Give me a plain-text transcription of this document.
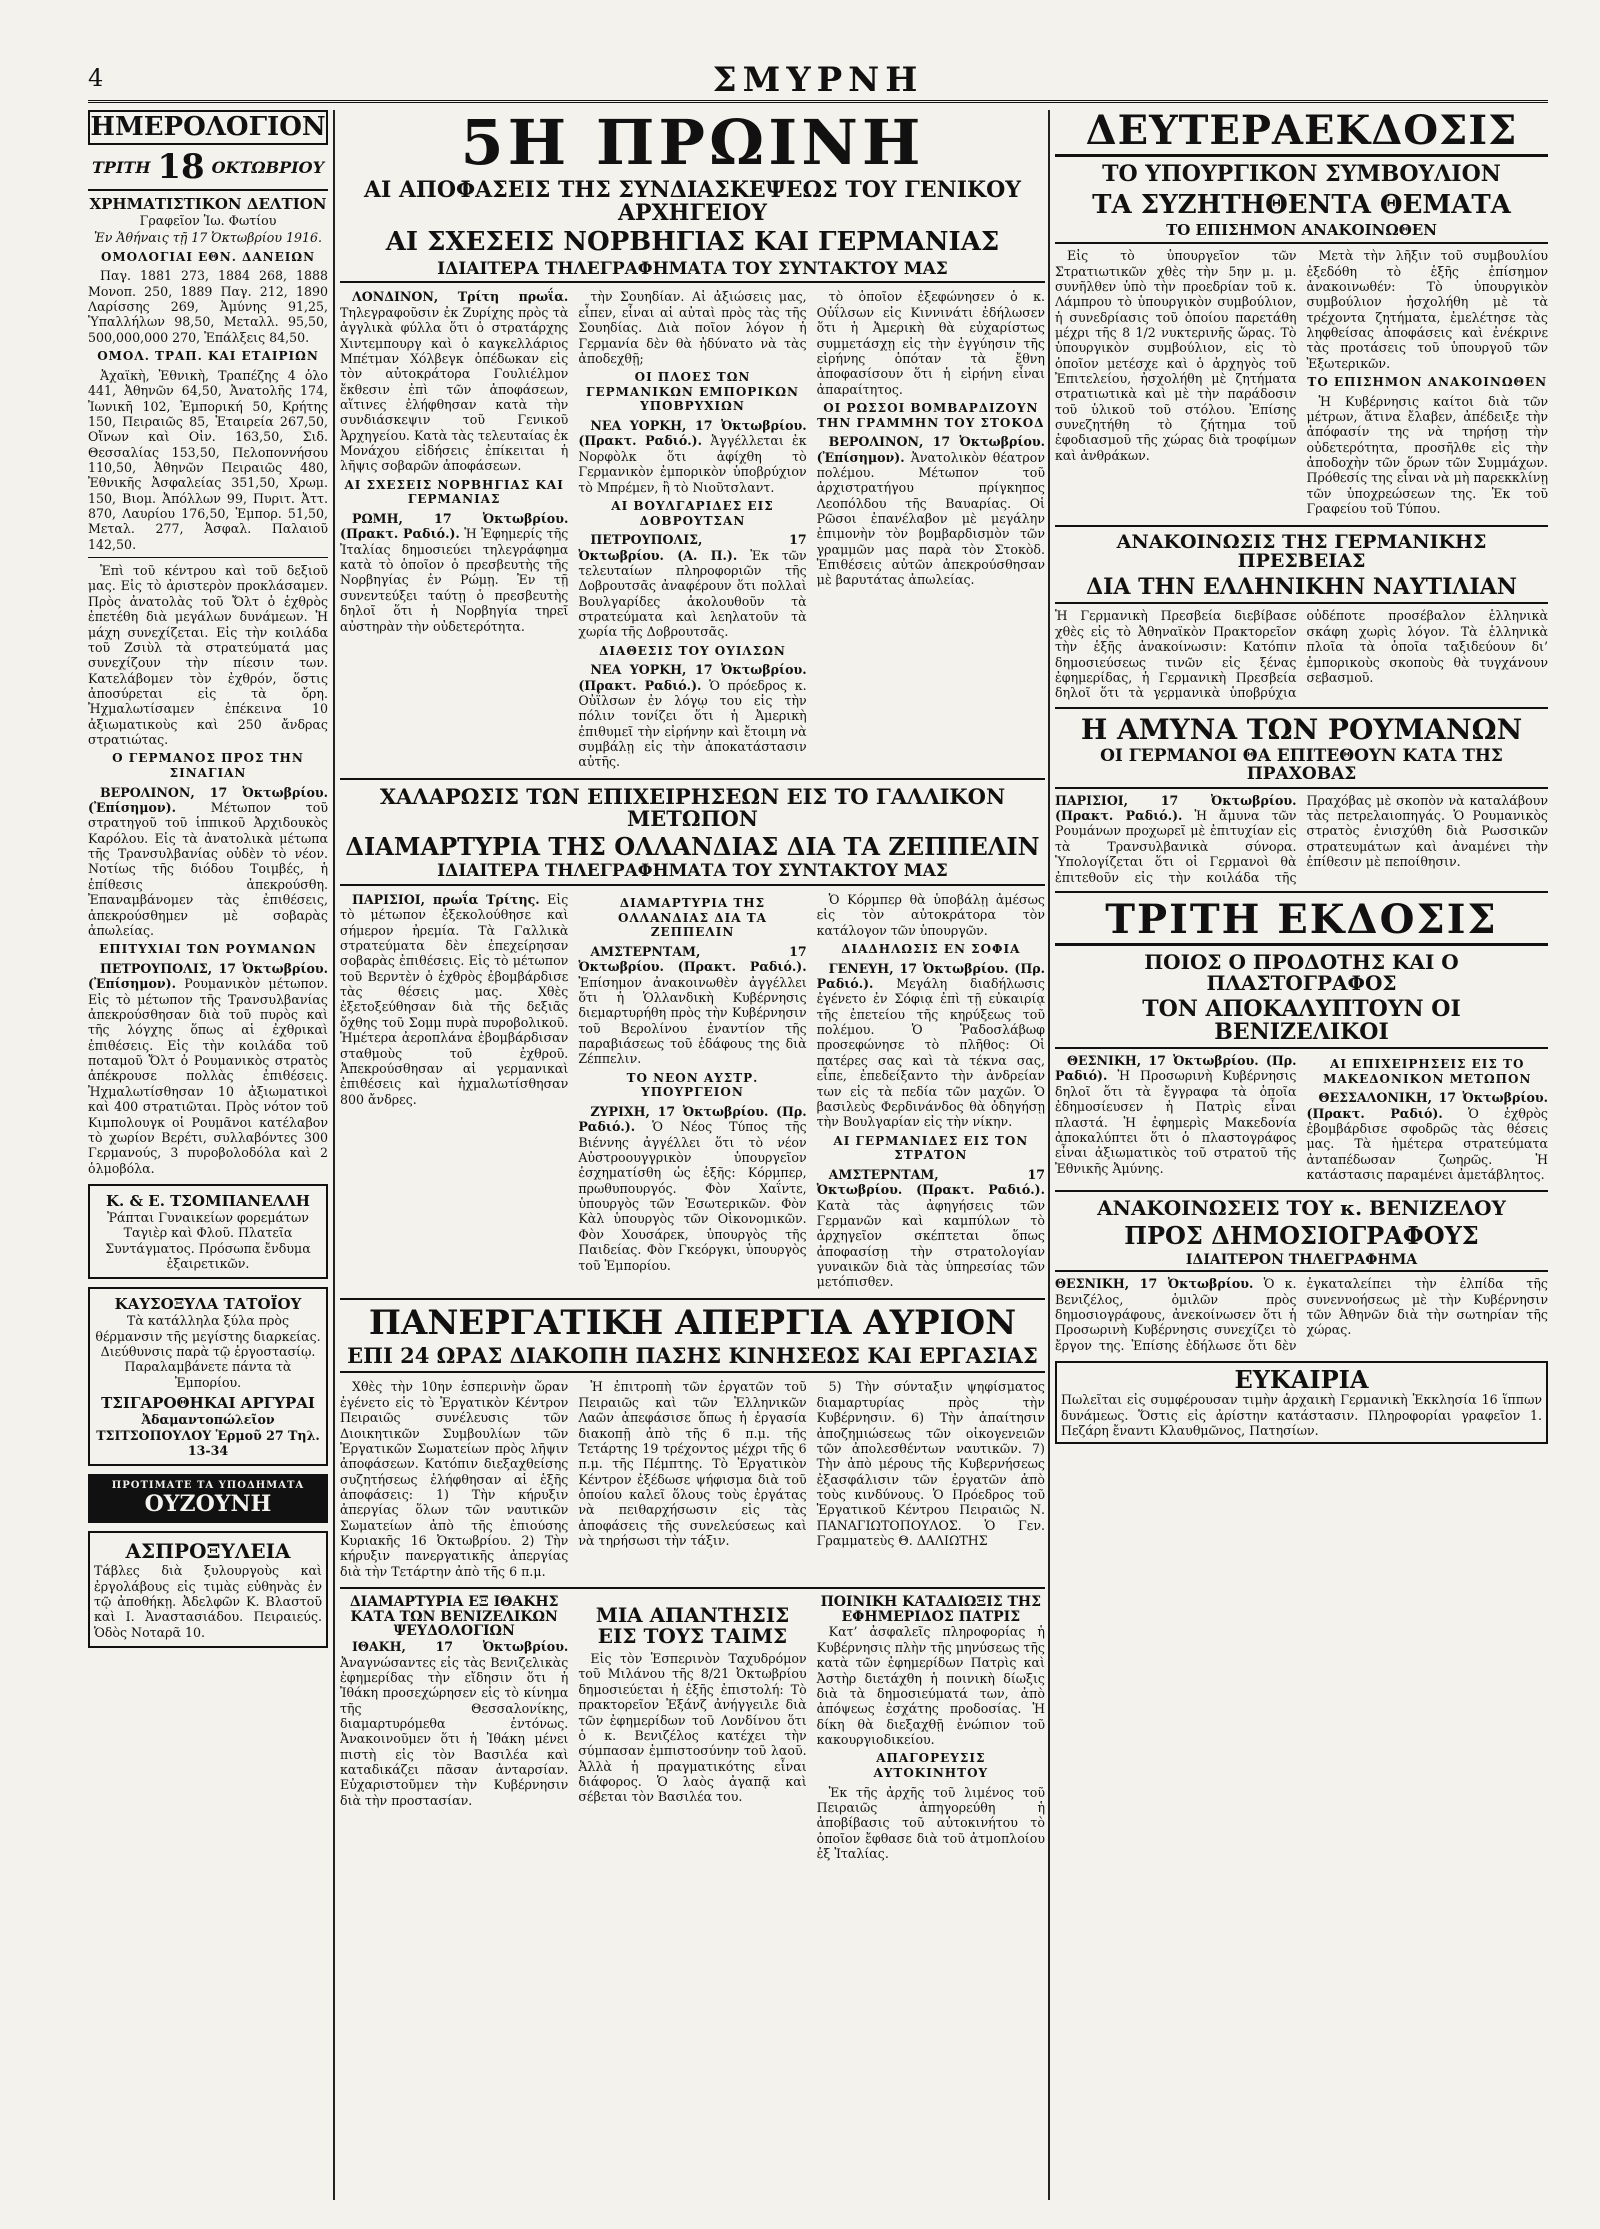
4	ΣΜΥΡΝΗ
ΗΜΕΡΟΛΟΓΙΟΝ
ΤΡΙΤΗ 18 ΟΚΤΩΒΡΙΟΥ
ΧΡΗΜΑΤΙΣΤΙΚΟΝ ΔΕΛΤΙΟΝ

Γραφεῖον Ἰω. Φωτίου

Ἐν Ἀθήναις τῇ 17 Ὀκτωβρίου 1916.

ΟΜΟΛΟΓΙΑΙ ΕΘΝ. ΔΑΝΕΙΩΝ

Παγ. 1881 273, 1884 268, 1888 Μονοπ. 250, 1889 Παγ. 212, 1890 Λαρίσσης 269, Ἀμύνης 91,25, Ὑπαλλήλων 98,50, Μεταλλ. 95,50, 500,000,000 270, Ἐπάλξεις 84,50.

ΟΜΟΛ. ΤΡΑΠ. ΚΑΙ ΕΤΑΙΡΙΩΝ

Ἀχαϊκὴ, Ἐθνικὴ, Τραπέζης 4 ὁλο 441, Ἀθηνῶν 64,50, Ἀνατολῆς 174, Ἰωνικῆ 102, Ἐμπορική 50, Κρήτης 150, Πειραιῶς 85, Ἑταιρεία 267,50, Οἴνων καὶ Οἰν. 163,50, Σιδ. Θεσσαλίας 153,50, Πελοποννήσου 110,50, Ἀθηνῶν Πειραιῶς 480, Ἐθνικῆς Ἀσφαλείας 351,50, Χρωμ. 150, Βιομ. Ἀπόλλων 99, Πυριτ. Ἀττ. 870, Λαυρίου 176,50, Ἐμπορ. 51,50, Μεταλ. 277, Ἀσφαλ. Παλαιοῦ 142,50.

Ἐπὶ τοῦ κέντρου καὶ τοῦ δεξιοῦ μας. Εἰς τὸ ἀριστερὸν προκλάσαμεν. Πρὸς ἀνατολὰς τοῦ Ὄλτ ὁ ἐχθρὸς ἐπετέθη διὰ μεγάλων δυνάμεων. Ἡ μάχη συνεχίζεται. Εἰς τὴν κοιλάδα τοῦ Ζσιὺλ τὰ στρατεύματά μας συνεχίζουν τὴν πίεσιν των. Κατελάβομεν τὸν ἐχθρόν, ὅστις ἀποσύρεται εἰς τὰ ὄρη. Ἠχμαλωτίσαμεν ἐπέκεινα 10 ἀξιωματικοὺς καὶ 250 ἄνδρας στρατιώτας.

Ο ΓΕΡΜΑΝΟΣ ΠΡΟΣ ΤΗΝ ΣΙΝΑΓΙΑΝ

ΒΕΡΟΛΙΝΟΝ, 17 Ὀκτωβρίου. (Ἐπίσημον).	Μέτωπον τοῦ στρατηγοῦ τοῦ ἱππικοῦ Ἀρχιδουκὸς Καρόλου. Εἰς τὰ ἀνατολικὰ μέτωπα τῆς Τρανσυλβανίας οὐδὲν τὸ νέον. Νοτίως τῆς διόδου Τοιμβές, ἡ ἐπίθεσις ἀπεκρούσθη. Ἐπαναμβάνομεν τὰς ἐπιθέσεις, ἀπεκρούσθημεν μὲ σοβαρὰς ἀπωλείας.

ΕΠΙΤΥΧΙΑΙ ΤΩΝ ΡΟΥΜΑΝΩΝ

ΠΕΤΡΟΥΠΟΛΙΣ, 17 Ὀκτωβρίου. (Ἐπίσημον). Ρουμανικὸν μέτωπον. Εἰς τὸ μέτωπον τῆς Τρανσυλβανίας ἀπεκρούσθησαν διὰ τοῦ πυρὸς καὶ τῆς λόγχης ὅπως αἱ ἐχθρικαὶ ἐπιθέσεις. Εἰς τὴν κοιλάδα τοῦ ποταμοῦ Ὄλτ ὁ Ρουμανικὸς στρατὸς ἀπέκρουσε πολλὰς ἐπιθέσεις. Ἠχμαλωτίσθησαν 10 ἀξιωματικοὶ καὶ 400 στρατιῶται. Πρὸς νότον τοῦ Κιμπολουγκ οἱ Ρουμᾶνοι κατέλαβον τὸ χωρίον Βερέτι, συλλαβόντες 300 Γερμανούς, 3 πυροβολοδόλα καὶ 2 ὁλμοβόλα.

Κ. & Ε. ΤΣΟΜΠΑΝΕΛΛΗ
Ῥάπται Γυναικείων φορεμάτων Ταγιὲρ καὶ Φλοῦ. Πλατεῖα Συντάγματος. Πρόσωπα ἔνδυμα ἐξαιρετικῶν.
ΚΑΥΣΟΞΥΛΑ ΤΑΤΟΪΟΥ
Τὰ κατάλληλα ξύλα πρὸς θέρμανσιν τῆς μεγίστης διαρκείας. Διεύθυνσις παρὰ τῷ ἐργοστασίῳ. Παραλαμβάνετε πάντα τὰ Ἐμπορίου.
ΤΣΙΓΑΡΟΘΗΚΑΙ ΑΡΓΥΡΑΙ
Ἀδαμαντοπώλεῖον ΤΣΙΤΣΟΠΟΥΛΟΥ Ἑρμοῦ 27 Τηλ. 13-34
ΠΡΟΤΙΜΑΤΕ ΤΑ ΥΠΟΔΗΜΑΤΑ
ΟΥΖΟΥΝΗ
ΑΣΠΡΟΞΥΛΕΙΑ
Τάβλες διὰ ξυλουργοὺς καὶ ἐργολάβους εἰς τιμὰς εὐθηνὰς ἐν τῷ ἀποθήκῃ. Ἀδελφῶν Κ. Βλαστοῦ καὶ Ι. Ἀναστασιάδου. Πειραιεύς. Ὁδὸς Νοταρᾶ 10.
5Η ΠΡΩΙΝΗ
ΑΙ ΑΠΟΦΑΣΕΙΣ ΤΗΣ ΣΥΝΔΙΑΣΚΕΨΕΩΣ ΤΟΥ ΓΕΝΙΚΟΥ ΑΡΧΗΓΕΙΟΥ
ΑΙ ΣΧΕΣΕΙΣ ΝΟΡΒΗΓΙΑΣ ΚΑΙ ΓΕΡΜΑΝΙΑΣ
ΙΔΙΑΙΤΕΡΑ ΤΗΛΕΓΡΑΦΗΜΑΤΑ ΤΟΥ ΣΥΝΤΑΚΤΟΥ ΜΑΣ

ΛΟΝΔΙΝΟΝ, Τρίτη πρωΐα. Τηλεγραφοῦσιν ἐκ Ζυρίχης πρὸς τὰ ἀγγλικὰ φύλλα ὅτι ὁ στρατάρχης Χιντεμπουργ καὶ ὁ καγκελλάριος Μπέτμαν Χόλβεγκ ὁπέδωκαν εἰς τὸν αὐτοκράτορα Γουλιέλμον ἔκθεσιν ἐπὶ τῶν ἀποφάσεων, αἵτινες ἐλήφθησαν κατὰ τὴν συνδιάσκεψιν τοῦ Γενικοῦ Ἀρχηγείου. Κατὰ τὰς τελευταίας ἐκ Μονάχου εἰδήσεις ἐπίκειται ἡ λῆψις σοβαρῶν ἀποφάσεων.

ΑΙ ΣΧΕΣΕΙΣ ΝΟΡΒΗΓΙΑΣ ΚΑΙ ΓΕΡΜΑΝΙΑΣ

ΡΩΜΗ, 17 Ὀκτωβρίου. (Πρακτ. Ραδιό.). Ἡ Ἐφημερίς τῆς Ἰταλίας δημοσιεύει τηλεγράφημα κατὰ τὸ ὁποῖον ὁ πρεσβευτὴς τῆς Νορβηγίας ἐν Ρώμῃ. Ἐν τῇ συνεντεύξει ταύτῃ ὁ πρεσβευτὴς δηλοῖ ὅτι ἡ Νορβηγία τηρεῖ αὐστηρὰν τὴν οὐδετερότητα.

τὴν Σουηδίαν. Αἱ ἀξιώσεις μας, εἶπεν, εἶναι αἱ αὐταὶ πρὸς τὰς τῆς Σουηδίας. Διὰ ποῖον λόγον ἡ Γερμανία δὲν θὰ ἠδύνατο νὰ τὰς ἀποδεχθῇ;

ΟΙ ΠΛΟΕΣ ΤΩΝ ΓΕΡΜΑΝΙΚΩΝ ΕΜΠΟΡΙΚΩΝ ΥΠΟΒΡΥΧΙΩΝ

ΝΕΑ ΥΟΡΚΗ, 17 Ὀκτωβρίου. (Πρακτ. Ραδιό.). Ἀγγέλλεται ἐκ Νορφὸλκ ὅτι ἀφίχθη τὸ Γερμανικὸν ἐμπορικὸν ὑποβρύχιον τὸ Μπρέμεν, ἢ τὸ Νιοῦτσλαντ.

ΑΙ ΒΟΥΛΓΑΡΙΔΕΣ ΕΙΣ ΔΟΒΡΟΥΤΣΑΝ

ΠΕΤΡΟΥΠΟΛΙΣ, 17 Ὀκτωβρίου. (Α. Π.). Ἐκ τῶν τελευταίων πληροφοριῶν τῆς Δοβρουτσᾶς ἀναφέρουν ὅτι πολλαὶ Βουλγαρίδες ἀκολουθοῦν τὰ στρατεύματα καὶ λεηλατοῦν τὰ χωρία τῆς Δοβρουτσᾶς.

ΔΙΑΘΕΣΙΣ ΤΟΥ ΟΥΙΛΣΩΝ

ΝΕΑ ΥΟΡΚΗ, 17 Ὀκτωβρίου. (Πρακτ. Ραδιό.). Ὁ πρόεδρος κ. Οὐΐλσων ἐν λόγῳ του εἰς τὴν πόλιν τονίζει ὅτι ἡ Ἀμερικὴ ἐπιθυμεῖ τὴν εἰρήνην καὶ ἔτοιμη νὰ συμβάλῃ εἰς τὴν ἀποκατάστασιν αὐτῆς.

τὸ ὁποῖον ἐξεφώνησεν ὁ κ. Οὐΐλσων εἰς Κιννινάτι ἐδήλωσεν ὅτι ἡ Ἀμερικὴ θὰ εὐχαρίστως συμμετάσχῃ εἰς τὴν ἐγγύησιν τῆς εἰρήνης ὁπόταν τὰ ἔθνη ἀποφασίσουν ὅτι ἡ εἰρήνη εἶναι ἀπαραίτητος.

ΟΙ ΡΩΣΣΟΙ ΒΟΜΒΑΡΔΙΖΟΥΝ ΤΗΝ ΓΡΑΜΜΗΝ ΤΟΥ ΣΤΟΚΟΔ

ΒΕΡΟΛΙΝΟΝ, 17 Ὀκτωβρίου. (Ἐπίσημον). Ἀνατολικὸν θέατρον πολέμου. Μέτωπον τοῦ ἀρχιστρατήγου πρίγκηπος Λεοπόλδου τῆς Βαυαρίας. Οἱ Ρῶσοι ἐπανέλαβον μὲ μεγάλην ἐπιμονὴν τὸν βομβαρδισμὸν τῶν γραμμῶν μας παρὰ τὸν Στοκὸδ. Ἐπιθέσεις αὐτῶν ἀπεκρούσθησαν μὲ βαρυτάτας ἀπωλείας.

ΧΑΛΑΡΩΣΙΣ ΤΩΝ ΕΠΙΧΕΙΡΗΣΕΩΝ ΕΙΣ ΤΟ ΓΑΛΛΙΚΟΝ ΜΕΤΩΠΟΝ
ΔΙΑΜΑΡΤΥΡΙΑ ΤΗΣ ΟΛΛΑΝΔΙΑΣ ΔΙΑ ΤΑ ΖΕΠΠΕΛΙΝ
ΙΔΙΑΙΤΕΡΑ ΤΗΛΕΓΡΑΦΗΜΑΤΑ ΤΟΥ ΣΥΝΤΑΚΤΟΥ ΜΑΣ

ΠΑΡΙΣΙΟΙ, πρωΐα Τρίτης. Εἰς τὸ μέτωπον ἐξεκολούθησε καὶ σήμερον ἠρεμία. Τὰ Γαλλικὰ στρατεύματα δὲν ἐπεχείρησαν σοβαρὰς ἐπιθέσεις. Εἰς τὸ μέτωπον τοῦ Βερντὲν ὁ ἐχθρὸς ἐβομβάρδισε τὰς θέσεις μας. Χθὲς ἐξετοξεύθησαν διὰ τῆς δεξιᾶς ὄχθης τοῦ Σομμ πυρὰ πυροβολικοῦ. Ἡμέτερα ἀεροπλάνα ἐβομβάρδισαν σταθμοὺς τοῦ ἐχθροῦ. Ἀπεκρούσθησαν αἱ γερμανικαὶ ἐπιθέσεις καὶ ἠχμαλωτίσθησαν 800 ἄνδρες.

ΔΙΑΜΑΡΤΥΡΙΑ ΤΗΣ ΟΛΛΑΝΔΙΑΣ ΔΙΑ ΤΑ ΖΕΠΠΕΛΙΝ

ΑΜΣΤΕΡΝΤΑΜ, 17 Ὀκτωβρίου. (Πρακτ. Ραδιό.). Ἐπίσημον ἀνακοινωθὲν ἀγγέλλει ὅτι ἡ Ὁλλανδικὴ Κυβέρνησις διεμαρτυρήθη πρὸς τὴν Κυβέρνησιν τοῦ Βερολίνου ἐναντίον τῆς παραβιάσεως τοῦ ἐδάφους της διὰ Ζέππελιν.

ΤΟ ΝΕΟΝ ΑΥΣΤΡ. ΥΠΟΥΡΓΕΙΟΝ

ΖΥΡΙΧΗ, 17 Ὀκτωβρίου. (Πρ. Ραδιό.). Ὁ Νέος Τύπος τῆς Βιέννης ἀγγέλλει ὅτι τὸ νέον Αὐστροουγγρικὸν ὑπουργεῖον ἐσχηματίσθη ὡς ἑξῆς: Κόρμπερ, πρωθυπουργός. Φὸν Χαΐντε, ὑπουργὸς τῶν Ἐσωτερικῶν. Φὸν Κὰλ ὑπουργὸς τῶν Οἰκονομικῶν. Φὸν Χουσάρεκ, ὑπουργὸς τῆς Παιδείας. Φὸν Γκεόργκι, ὑπουργὸς τοῦ Ἐμπορίου.

Ὁ Κόρμπερ θὰ ὑποβάλῃ ἀμέσως εἰς τὸν αὐτοκράτορα τὸν κατάλογον τῶν ὑπουργῶν.

ΔΙΑΔΗΛΩΣΙΣ ΕΝ ΣΟΦΙΑ

ΓΕΝΕΥΗ, 17 Ὀκτωβρίου. (Πρ. Ραδιό.). Μεγάλη διαδήλωσις ἐγένετο ἐν Σόφιᾳ ἐπὶ τῇ εὐκαιρίᾳ τῆς ἐπετείου τῆς κηρύξεως τοῦ πολέμου. Ὁ Ῥαδοσλάβωφ προσεφώνησε τὸ πλῆθος: Οἱ πατέρες σας καὶ τὰ τέκνα σας, εἶπε, ἐπεδείξαντο τὴν ἀνδρείαν των εἰς τὰ πεδία τῶν μαχῶν. Ὁ βασιλεὺς Φερδινάνδος θὰ ὁδηγήσῃ τὴν Βουλγαρίαν εἰς τὴν νίκην.

ΑΙ ΓΕΡΜΑΝΙΔΕΣ ΕΙΣ ΤΟΝ ΣΤΡΑΤΟΝ

ΑΜΣΤΕΡΝΤΑΜ, 17 Ὀκτωβρίου. (Πρακτ. Ραδιό.). Κατὰ τὰς ἀφηγήσεις τῶν Γερμανῶν καὶ καμπύλων τὸ ἀρχηγεῖον σκέπτεται ὅπως ἀποφασίσῃ τὴν στρατολογίαν γυναικῶν διὰ τὰς ὑπηρεσίας τῶν μετόπισθεν.

ΠΑΝΕΡΓΑΤΙΚΗ ΑΠΕΡΓΙΑ ΑΥΡΙΟΝ
ΕΠΙ 24 ΩΡΑΣ ΔΙΑΚΟΠΗ ΠΑΣΗΣ ΚΙΝΗΣΕΩΣ ΚΑΙ ΕΡΓΑΣΙΑΣ

Χθὲς τὴν 10ην ἑσπερινὴν ὥραν ἐγένετο εἰς τὸ Ἐργατικὸν Κέντρον Πειραιῶς συνέλευσις τῶν Διοικητικῶν Συμβουλίων τῶν Ἐργατικῶν Σωματείων πρὸς λῆψιν ἀποφάσεων. Κατόπιν διεξαχθείσης συζητήσεως ἐλήφθησαν αἱ ἑξῆς ἀποφάσεις: 1) Τὴν κήρυξιν ἀπεργίας ὅλων τῶν ναυτικῶν Σωματείων ἀπὸ τῆς ἐπιούσης Κυριακῆς 16 Ὀκτωβρίου. 2) Τὴν κήρυξιν πανεργατικῆς ἀπεργίας διὰ τὴν Τετάρτην ἀπὸ τῆς 6 π.μ.

Ἡ ἐπιτροπὴ τῶν ἐργατῶν τοῦ Πειραιῶς καὶ τῶν Ἑλληνικῶν Λαῶν ἀπεφάσισε ὅπως ἡ ἐργασία διακοπῇ ἀπὸ τῆς 6 π.μ. τῆς Τετάρτης 19 τρέχοντος μέχρι τῆς 6 π.μ. τῆς Πέμπτης. Τὸ Ἐργατικὸν Κέντρον ἐξέδωσε ψήφισμα διὰ τοῦ ὁποίου καλεῖ ὅλους τοὺς ἐργάτας νὰ πειθαρχήσωσιν εἰς τὰς ἀποφάσεις τῆς συνελεύσεως καὶ νὰ τηρήσωσι τὴν τάξιν.

5) Τὴν σύνταξιν ψηφίσματος διαμαρτυρίας πρὸς τὴν Κυβέρνησιν. 6) Τὴν ἀπαίτησιν ἀποζημιώσεως τῶν οἰκογενειῶν τῶν ἀπολεσθέντων ναυτικῶν. 7) Τὴν ἀπὸ μέρους τῆς Κυβερνήσεως ἐξασφάλισιν τῶν ἐργατῶν ἀπὸ τοὺς κινδύνους. Ὁ Πρόεδρος τοῦ Ἐργατικοῦ Κέντρου Πειραιῶς Ν. ΠΑΝΑΓΙΩΤΟΠΟΥΛΟΣ. Ὁ Γεν. Γραμματεὺς Θ. ΔΑΛΙΩΤΗΣ

ΔΙΑΜΑΡΤΥΡΙΑ ΕΞ ΙΘΑΚΗΣ ΚΑΤΑ ΤΩΝ ΒΕΝΙΖΕΛΙΚΩΝ ΨΕΥΔΟΛΟΓΙΩΝ

ΙΘΑΚΗ, 17 Ὀκτωβρίου. Ἀναγνώσαντες εἰς τὰς Βενιζελικὰς ἐφημερίδας τὴν εἴδησιν ὅτι ἡ Ἰθάκη προσεχώρησεν εἰς τὸ κίνημα τῆς Θεσσαλονίκης, διαμαρτυρόμεθα ἐντόνως. Ἀνακοινοῦμεν ὅτι ἡ Ἰθάκη μένει πιστὴ εἰς τὸν Βασιλέα καὶ καταδικάζει πᾶσαν ἀνταρσίαν. Εὐχαριστοῦμεν τὴν Κυβέρνησιν διὰ τὴν προστασίαν.

ΜΙΑ ΑΠΑΝΤΗΣΙΣ ΕΙΣ ΤΟΥΣ ΤΑΙΜΣ

Εἰς τὸν Ἑσπερινὸν Ταχυδρόμον τοῦ Μιλάνου τῆς 8/21 Ὀκτωβρίου δημοσιεύεται ἡ ἑξῆς ἐπιστολή: Τὸ πρακτορεῖον Ἐξάνζ ἀνήγγειλε διὰ τῶν ἐφημερίδων τοῦ Λονδίνου ὅτι ὁ κ. Βενιζέλος κατέχει τὴν σύμπασαν ἐμπιστοσύνην τοῦ λαοῦ. Ἀλλὰ ἡ πραγματικότης εἶναι διάφορος. Ὁ λαὸς ἀγαπᾷ καὶ σέβεται τὸν Βασιλέα του.

ΠΟΙΝΙΚΗ ΚΑΤΑΔΙΩΞΙΣ ΤΗΣ ΕΦΗΜΕΡΙΔΟΣ ΠΑΤΡΙΣ

Κατ’ ἀσφαλεῖς πληροφορίας ἡ Κυβέρνησις πλὴν τῆς μηνύσεως τῆς κατὰ τῶν ἐφημερίδων Πατρὶς καὶ Ἀστὴρ διετάχθη ἡ ποινικὴ δίωξις διὰ τὰ δημοσιεύματά των, ἀπὸ ἀπόψεως ἐσχάτης προδοσίας. Ἡ δίκη θὰ διεξαχθῇ ἐνώπιον τοῦ κακουργιοδικείου.

ΑΠΑΓΟΡΕΥΣΙΣ ΑΥΤΟΚΙΝΗΤΟΥ

Ἐκ τῆς ἀρχῆς τοῦ λιμένος τοῦ Πειραιῶς ἀπηγορεύθη ἡ ἀποβίβασις τοῦ αὐτοκινήτου τὸ ὁποῖον ἔφθασε διὰ τοῦ ἀτμοπλοίου ἐξ Ἰταλίας.

ΔΕΥΤΕΡΑΕΚΔΟΣΙΣ
ΤΟ ΥΠΟΥΡΓΙΚΟΝ ΣΥΜΒΟΥΛΙΟΝ
ΤΑ ΣΥΖΗΤΗΘΕΝΤΑ ΘΕΜΑΤΑ
ΤΟ ΕΠΙΣΗΜΟΝ ΑΝΑΚΟΙΝΩΘΕΝ

Εἰς τὸ ὑπουργεῖον τῶν Στρατιωτικῶν χθὲς τὴν 5ην μ. μ. συνῆλθεν ὑπὸ τὴν προεδρίαν τοῦ κ. Λάμπρου τὸ ὑπουργικὸν συμβούλιον, ἡ συνεδρίασις τοῦ ὁποίου παρετάθη μέχρι τῆς 8 1/2 νυκτερινῆς ὥρας. Τὸ ὑπουργικὸν συμβούλιον, εἰς τὸ ὁποῖον μετέσχε καὶ ὁ ἀρχηγὸς τοῦ Ἐπιτελείου, ἠσχολήθη μὲ ζητήματα στρατιωτικὰ καὶ μὲ τὴν παράδοσιν τοῦ ὑλικοῦ τοῦ στόλου. Ἐπίσης συνεζητήθη τὸ ζήτημα τοῦ ἐφοδιασμοῦ τῆς χώρας διὰ τροφίμων καὶ ἀνθράκων.

Μετὰ τὴν λῆξιν τοῦ συμβουλίου ἐξεδόθη τὸ ἑξῆς ἐπίσημον ἀνακοινωθέν: Τὸ ὑπουργικὸν συμβούλιον ἠσχολήθη μὲ τὰ τρέχοντα ζητήματα, ἐμελέτησε τὰς ληφθείσας ἀποφάσεις καὶ ἐνέκρινε τὰς προτάσεις τοῦ ὑπουργοῦ τῶν Ἐξωτερικῶν.

ΤΟ ΕΠΙΣΗΜΟΝ ΑΝΑΚΟΙΝΩΘΕΝ

Ἡ Κυβέρνησις καίτοι διὰ τῶν μέτρων, ἅτινα ἔλαβεν, ἀπέδειξε τὴν ἀπόφασίν της νὰ τηρήσῃ τὴν οὐδετερότητα, προσῆλθε εἰς τὴν ἀποδοχὴν τῶν ὅρων τῶν Συμμάχων. Πρόθεσίς της εἶναι νὰ μὴ παρεκκλίνῃ τῶν ὑποχρεώσεων της. Ἐκ τοῦ Γραφείου τοῦ Τύπου.

ΑΝΑΚΟΙΝΩΣΙΣ ΤΗΣ ΓΕΡΜΑΝΙΚΗΣ ΠΡΕΣΒΕΙΑΣ
ΔΙΑ ΤΗΝ ΕΛΛΗΝΙΚΗΝ ΝΑΥΤΙΛΙΑΝ
Ἡ Γερμανικὴ Πρεσβεία διεβίβασε χθὲς εἰς τὸ Ἀθηναϊκὸν Πρακτορεῖον τὴν ἑξῆς ἀνακοίνωσιν: Κατόπιν δημοσιεύσεως τινῶν εἰς ξένας ἐφημερίδας, ἡ Γερμανικὴ Πρεσβεία δηλοῖ ὅτι τὰ γερμανικὰ ὑποβρύχια οὐδέποτε προσέβαλον ἑλληνικὰ σκάφη χωρὶς λόγον. Τὰ ἑλληνικὰ πλοῖα τὰ ὁποῖα ταξιδεύουν δι’ ἐμπορικοὺς σκοποὺς θὰ τυγχάνουν σεβασμοῦ.
Η ΑΜΥΝΑ ΤΩΝ ΡΟΥΜΑΝΩΝ
ΟΙ ΓΕΡΜΑΝΟΙ ΘΑ ΕΠΙΤΕΘΟΥΝ ΚΑΤΑ ΤΗΣ ΠΡΑΧΟΒΑΣ
ΠΑΡΙΣΙΟΙ, 17 Ὀκτωβρίου. (Πρακτ. Ραδιό.). Ἡ ἄμυνα τῶν Ρουμάνων προχωρεῖ μὲ ἐπιτυχίαν εἰς τὰ Τρανσυλβανικὰ σύνορα. Ὑπολογίζεται ὅτι οἱ Γερμανοὶ θὰ ἐπιτεθοῦν εἰς τὴν κοιλάδα τῆς Πραχόβας μὲ σκοπὸν νὰ καταλάβουν τὰς πετρελαιοπηγάς. Ὁ Ρουμανικὸς στρατὸς ἐνισχύθη διὰ Ρωσσικῶν στρατευμάτων καὶ ἀναμένει τὴν ἐπίθεσιν μὲ πεποίθησιν.
ΤΡΙΤΗ ΕΚΔΟΣΙΣ
ΠΟΙΟΣ Ο ΠΡΟΔΟΤΗΣ ΚΑΙ Ο ΠΛΑΣΤΟΓΡΑΦΟΣ
ΤΟΝ ΑΠΟΚΑΛΥΠΤΟΥΝ ΟΙ ΒΕΝΙΖΕΛΙΚΟΙ

ΘΕΣΝΙΚΗ, 17 Ὀκτωβρίου. (Πρ. Ραδιό). Ἡ Προσωρινὴ Κυβέρνησις δηλοῖ ὅτι τὰ ἔγγραφα τὰ ὁποῖα ἐδημοσίευσεν ἡ Πατρὶς εἶναι πλαστά. Ἡ ἐφημερὶς Μακεδονία ἀποκαλύπτει ὅτι ὁ πλαστογράφος εἶναι ἀξιωματικὸς τοῦ στρατοῦ τῆς Ἐθνικῆς Ἀμύνης.

ΑΙ ΕΠΙΧΕΙΡΗΣΕΙΣ ΕΙΣ ΤΟ ΜΑΚΕΔΟΝΙΚΟΝ ΜΕΤΩΠΟΝ

ΘΕΣΣΑΛΟΝΙΚΗ, 17 Ὀκτωβρίου. (Πρακτ. Ραδιό). Ὁ ἐχθρὸς ἐβομβάρδισε σφοδρῶς τὰς θέσεις μας. Τὰ ἡμέτερα στρατεύματα ἀνταπέδωσαν ζωηρῶς. Ἡ κατάστασις παραμένει ἀμετάβλητος.

ΑΝΑΚΟΙΝΩΣΕΙΣ ΤΟΥ κ. ΒΕΝΙΖΕΛΟΥ
ΠΡΟΣ ΔΗΜΟΣΙΟΓΡΑΦΟΥΣ
ΙΔΙΑΙΤΕΡΟΝ ΤΗΛΕΓΡΑΦΗΜΑ
ΘΕΣΝΙΚΗ, 17 Ὀκτωβρίου. Ὁ κ. Βενιζέλος, ὁμιλῶν πρὸς δημοσιογράφους, ἀνεκοίνωσεν ὅτι ἡ Προσωρινὴ Κυβέρνησις συνεχίζει τὸ ἔργον της. Ἐπίσης ἐδήλωσε ὅτι δὲν ἐγκαταλείπει τὴν ἐλπίδα τῆς συνεννοήσεως μὲ τὴν Κυβέρνησιν τῶν Ἀθηνῶν διὰ τὴν σωτηρίαν τῆς χώρας.
ΕΥΚΑΙΡΙΑ
Πωλεῖται εἰς συμφέρουσαν τιμὴν ἀρχαικὴ Γερμανικὴ Ἐκκλησία 16 ἵππων δυνάμεως. Ὅστις εἰς ἀρίστην κατάστασιν. Πληροφορίαι γραφεῖον 1. Πεζάρη ἔναντι Κλαυθμῶνος, Πατησίων.
